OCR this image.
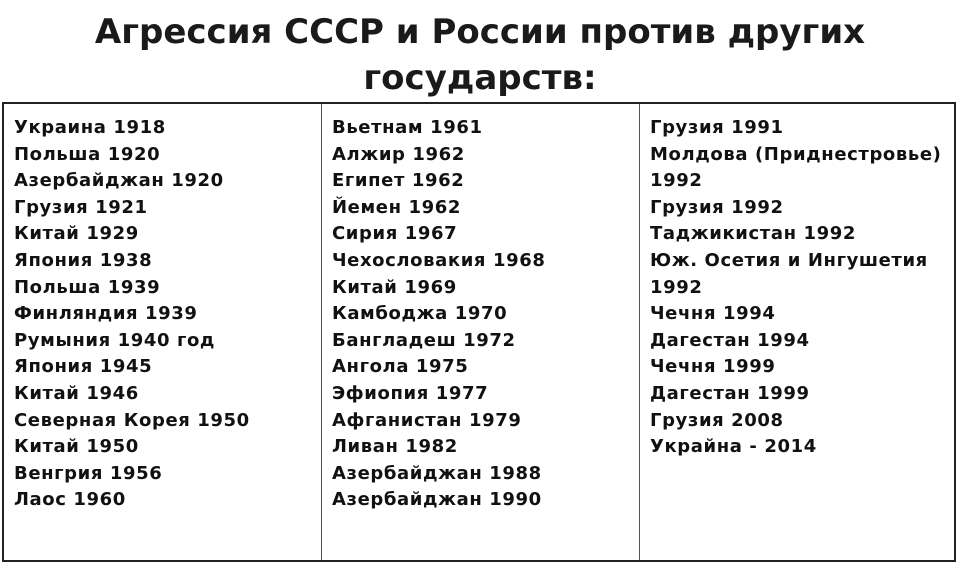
Агрессия СССР и России против других
государств:
Украина 1918
Польша 1920
Азербайджан 1920
Грузия 1921
Китай 1929
Япония 1938
Польша 1939
Финляндия 1939
Румыния 1940 год
Япония 1945
Китай 1946
Северная Корея 1950
Китай 1950
Венгрия 1956
Лаос 1960
Вьетнам 1961
Алжир 1962
Египет 1962
Йемен 1962
Сирия 1967
Чехословакия 1968
Китай 1969
Камбоджа 1970
Бангладеш 1972
Ангола 1975
Эфиопия 1977
Афганистан 1979
Ливан 1982
Азербайджан 1988
Азербайджан 1990
Грузия 1991
Молдова (Приднестровье)
1992
Грузия 1992
Таджикистан 1992
Юж. Осетия и Ингушетия
1992
Чечня 1994
Дагестан 1994
Чечня 1999
Дагестан 1999
Грузия 2008
Украйна - 2014
